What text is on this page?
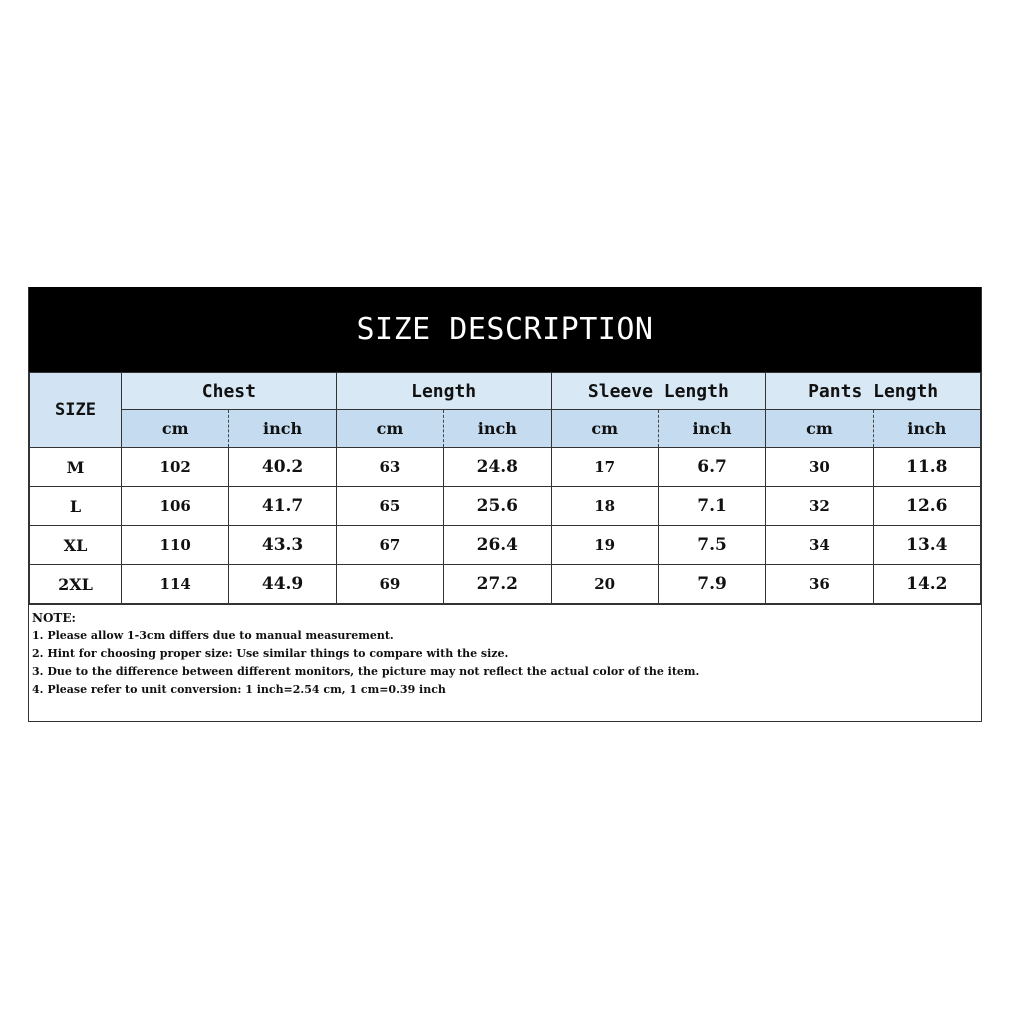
SIZE DESCRIPTION
SIZE	Chest		Length		Sleeve Length		Pants Length	
	cm	inch	cm	inch	cm	inch	cm	inch
M	102	40.2	63	24.8	17	6.7	30	11.8
L	106	41.7	65	25.6	18	7.1	32	12.6
XL	110	43.3	67	26.4	19	7.5	34	13.4
2XL	114	44.9	69	27.2	20	7.9	36	14.2
NOTE:
1. Please allow 1-3cm differs due to manual measurement.
2. Hint for choosing proper size: Use similar things to compare with the size.
3. Due to the difference between different monitors, the picture may not reflect the actual color of the item.
4. Please refer to unit conversion: 1 inch=2.54 cm, 1 cm=0.39 inch
